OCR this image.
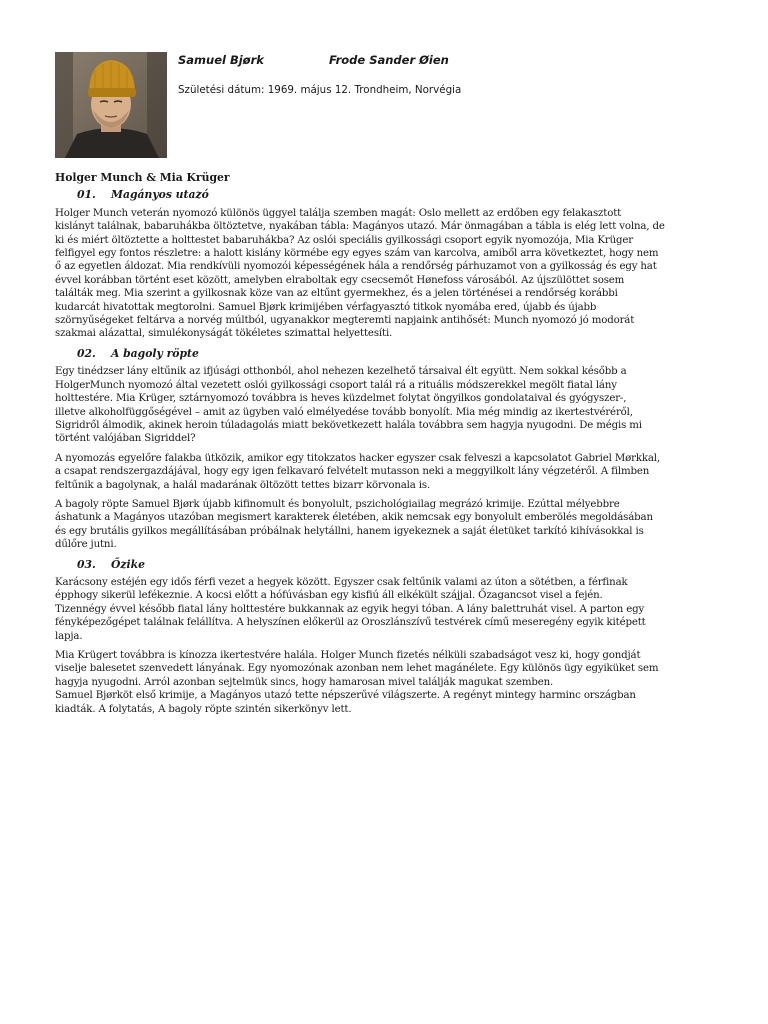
Samuel Bjørk	Frode Sander Øien
Születési dátum: 1969. május 12. Trondheim, Norvégia
Holger Munch & Mia Krüger
01. Magányos utazó
Holger Munch veterán nyomozó különös üggyel találja szemben magát: Oslo mellett az erdőben egy felakasztott
kislányt találnak, babaruhákba öltöztetve, nyakában tábla: Magányos utazó. Már önmagában a tábla is elég lett volna, de
ki és miért öltöztette a holttestet babaruhákba? Az oslói speciális gyilkossági csoport egyik nyomozója, Mia Krüger
felfigyel egy fontos részletre: a halott kislány körmébe egy egyes szám van karcolva, amiből arra következtet, hogy nem
ő az egyetlen áldozat. Mia rendkívüli nyomozói képességének hála a rendőrség párhuzamot von a gyilkosság és egy hat
évvel korábban történt eset között, amelyben elraboltak egy csecsemőt Hønefoss városából. Az újszülöttet sosem
találták meg. Mia szerint a gyilkosnak köze van az eltűnt gyermekhez, és a jelen történései a rendőrség korábbi
kudarcát hivatottak megtorolni. Samuel Bjørk krimijében vérfagyasztó titkok nyomába ered, újabb és újabb
szörnyűségeket feltárva a norvég múltból, ugyanakkor megteremti napjaink antihősét: Munch nyomozó jó modorát
szakmai alázattal, simulékonyságát tökéletes szimattal helyettesíti.
02. A bagoly röpte
Egy tinédzser lány eltűnik az ifjúsági otthonból, ahol nehezen kezelhető társaival élt együtt. Nem sokkal később a
HolgerMunch nyomozó által vezetett oslói gyilkossági csoport talál rá a rituális módszerekkel megölt fiatal lány
holttestére. Mia Krüger, sztárnyomozó továbbra is heves küzdelmet folytat öngyilkos gondolataival és gyógyszer-,
illetve alkoholfüggőségével – amit az ügyben való elmélyedése tovább bonyolít. Mia még mindig az ikertestvéréről,
Sigridről álmodik, akinek heroin túladagolás miatt bekövetkezett halála továbbra sem hagyja nyugodni. De mégis mi
történt valójában Sigriddel?
A nyomozás egyelőre falakba ütközik, amikor egy titokzatos hacker egyszer csak felveszi a kapcsolatot Gabriel Mørkkal,
a csapat rendszergazdájával, hogy egy igen felkavaró felvételt mutasson neki a meggyilkolt lány végzetéről. A filmben
feltűnik a bagolynak, a halál madarának öltözött tettes bizarr körvonala is.
A bagoly röpte Samuel Bjørk újabb kifinomult és bonyolult, pszichológiailag megrázó krimije. Ezúttal mélyebbre
áshatunk a Magányos utazóban megismert karakterek életében, akik nemcsak egy bonyolult emberölés megoldásában
és egy brutális gyilkos megállításában próbálnak helytállni, hanem igyekeznek a saját életüket tarkító kihívásokkal is
dűlőre jutni.
03. Őzike
Karácsony estéjén egy idős férfi vezet a hegyek között. Egyszer csak feltűnik valami az úton a sötétben, a férfinak
épphogy sikerül lefékeznie. A kocsi előtt a hófúvásban egy kisfiú áll elkékült szájjal. Őzagancsot visel a fején.
Tizennégy évvel később fiatal lány holttestére bukkannak az egyik hegyi tóban. A lány balettruhát visel. A parton egy
fényképezőgépet találnak felállítva. A helyszínen előkerül az Oroszlánszívű testvérek című meseregény egyik kitépett
lapja.
Mia Krügert továbbra is kínozza ikertestvére halála. Holger Munch fizetés nélküli szabadságot vesz ki, hogy gondját
viselje balesetet szenvedett lányának. Egy nyomozónak azonban nem lehet magánélete. Egy különös ügy egyiküket sem
hagyja nyugodni. Arról azonban sejtelmük sincs, hogy hamarosan mivel találják magukat szemben.
Samuel Bjørköt első krimije, a Magányos utazó tette népszerűvé világszerte. A regényt mintegy harminc országban
kiadták. A folytatás, A bagoly röpte szintén sikerkönyv lett.
